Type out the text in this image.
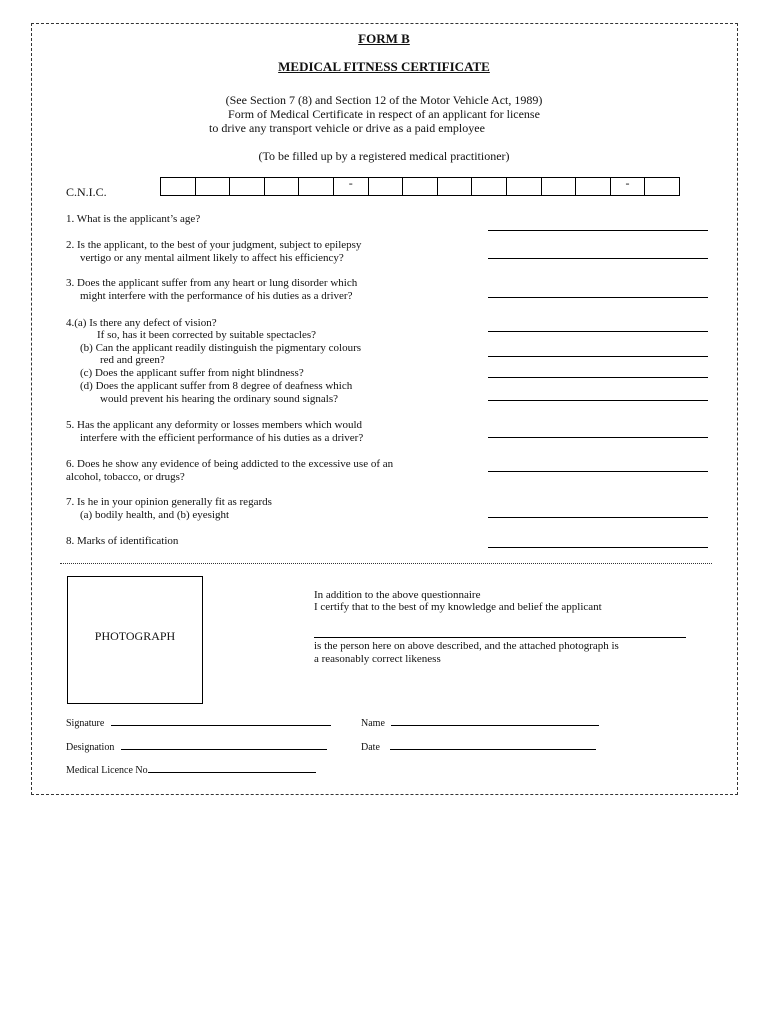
FORM B
MEDICAL FITNESS CERTIFICATE
(See Section 7 (8) and Section 12 of the Motor Vehicle Act, 1989)
Form of Medical Certificate in respect of an applicant for license
to drive any transport vehicle or drive as a paid employee
(To be filled up by a registered medical practitioner)
C.N.I.C.
-	-
1. What is the applicant’s age?
2. Is the applicant, to the best of your judgment, subject to epilepsy
vertigo or any mental ailment likely to affect his efficiency?
3. Does the applicant suffer from any heart or lung disorder which
might interfere with the performance of his duties as a driver?
4.(a) Is there any defect of vision?
If so, has it been corrected by suitable spectacles?
(b) Can the applicant readily distinguish the pigmentary colours
red and green?
(c) Does the applicant suffer from night blindness?
(d) Does the applicant suffer from 8 degree of deafness which
would prevent his hearing the ordinary sound signals?
5. Has the applicant any deformity or losses members which would
interfere with the efficient performance of his duties as a driver?
6. Does he show any evidence of being addicted to the excessive use of an
alcohol, tobacco, or drugs?
7. Is he in your opinion generally fit as regards
(a) bodily health, and (b) eyesight
8. Marks of identification
PHOTOGRAPH
In addition to the above questionnaire
I certify that to the best of my knowledge and belief the applicant
is the person here on above described, and the attached photograph is
a reasonably correct likeness
Signature	Name
Designation	Date
Medical Licence No
